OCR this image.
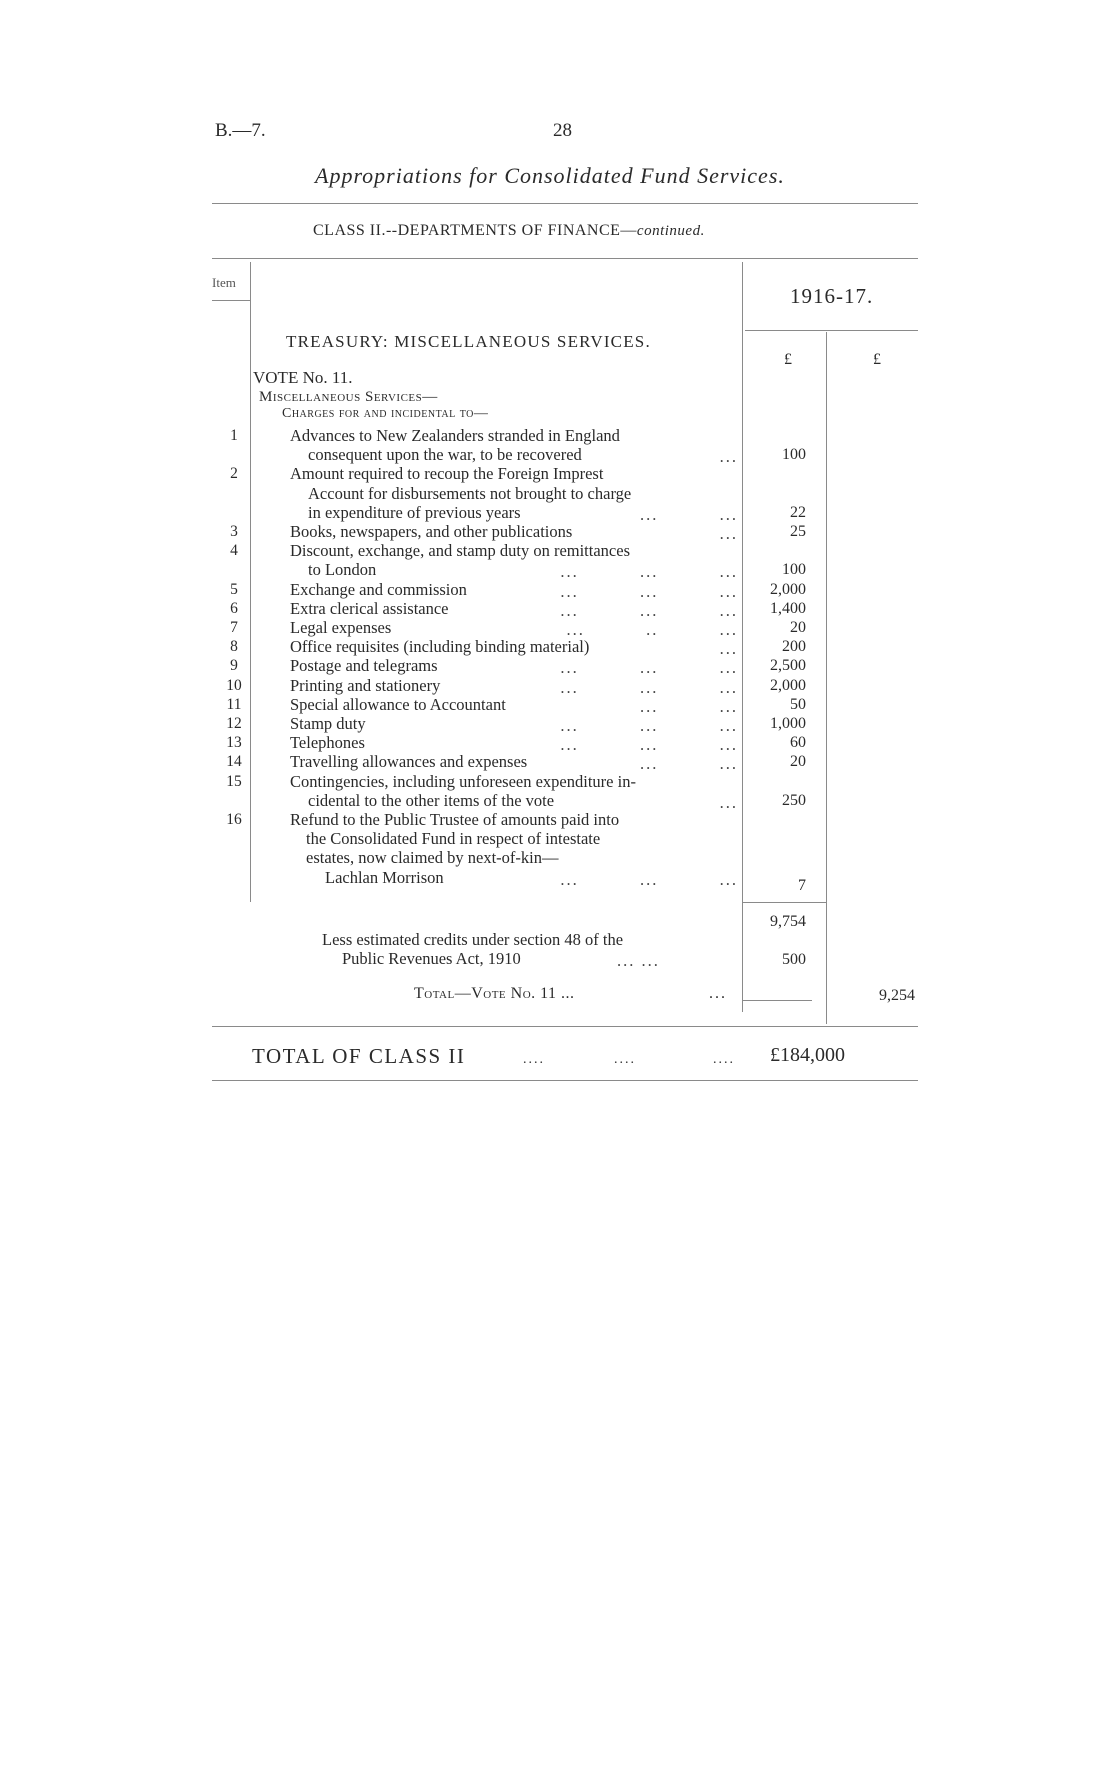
B.—7.	28
Appropriations for Consolidated Fund Services.
CLASS II.--DEPARTMENTS OF FINANCE—continued.
Item
1916-17.
TREASURY: MISCELLANEOUS SERVICES.
£	£
VOTE No. 11.
Miscellaneous Services—
Charges for and incidental to—
1	Advances to New Zealanders stranded in England
consequent upon the war, to be recovered	...	100
2	Amount required to recoup the Foreign Imprest
Account for disbursements not brought to charge
in expenditure of previous years	...          ...	22
3	Books, newspapers, and other publications	...	25
4	Discount, exchange, and stamp duty on remittances
to London	...          ...          ...	100
5	Exchange and commission	...          ...          ...	2,000
6	Extra clerical assistance	...          ...          ...	1,400
7	Legal expenses	...          ..          ...	20
8	Office requisites (including binding material)	...	200
9	Postage and telegrams	...          ...          ...	2,500
10	Printing and stationery	...          ...          ...	2,000
11	Special allowance to Accountant	...          ...	50
12	Stamp duty	...          ...          ...	1,000
13	Telephones	...          ...          ...	60
14	Travelling allowances and expenses	...          ...	20
15	Contingencies, including unforeseen expenditure in-
cidental to the other items of the vote	...	250
16	Refund to the Public Trustee of amounts paid into
the Consolidated Fund in respect of intestate
estates, now claimed by next-of-kin—
Lachlan Morrison	...          ...          ...	7
9,754
Less estimated credits under section 48 of the
Public Revenues Act, 1910	... ...	500
Total—Vote No. 11 ...	...	9,254
TOTAL OF CLASS II	....	....	.... £184,000
